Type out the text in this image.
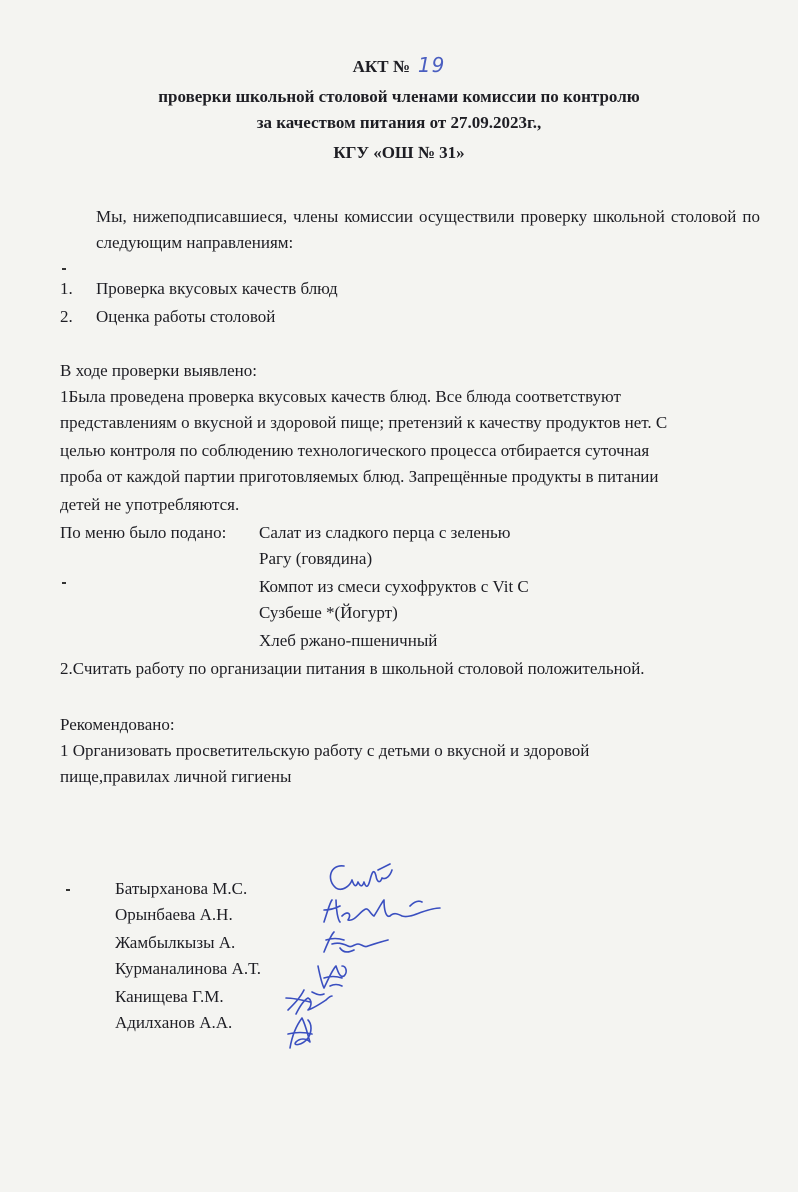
АКТ № 19
проверки школьной столовой членами комиссии по контролю
за качеством питания от 27.09.2023г.,
КГУ «ОШ № 31»
Мы, нижеподписавшиеся, члены комиссии осуществили проверку школьной столовой по следующим направлениям:
1. Проверка вкусовых качеств блюд
2. Оценка работы столовой
В ходе проверки выявлено:
1Была проведена проверка вкусовых качеств блюд. Все блюда соответствуют
представлениям о вкусной и здоровой пище; претензий к качеству продуктов нет. С
целью контроля по соблюдению технологического процесса отбирается суточная
проба от каждой партии приготовляемых блюд. Запрещённые продукты в питании
детей не употребляются.
По меню было подано: Салат из сладкого перца с зеленью
Рагу (говядина)
Компот из смеси сухофруктов с Vit C
Сузбеше *(Йогурт)
Хлеб ржано-пшеничный
2.Считать работу по организации питания в школьной столовой положительной.
Рекомендовано:
1 Организовать просветительскую работу с детьми о вкусной и здоровой
пище,правилах личной гигиены
Батырханова М.С.
Орынбаева А.Н.
Жамбылкызы А.
Курманалинова А.Т.
Канищева Г.М.
Адилханов А.А.
